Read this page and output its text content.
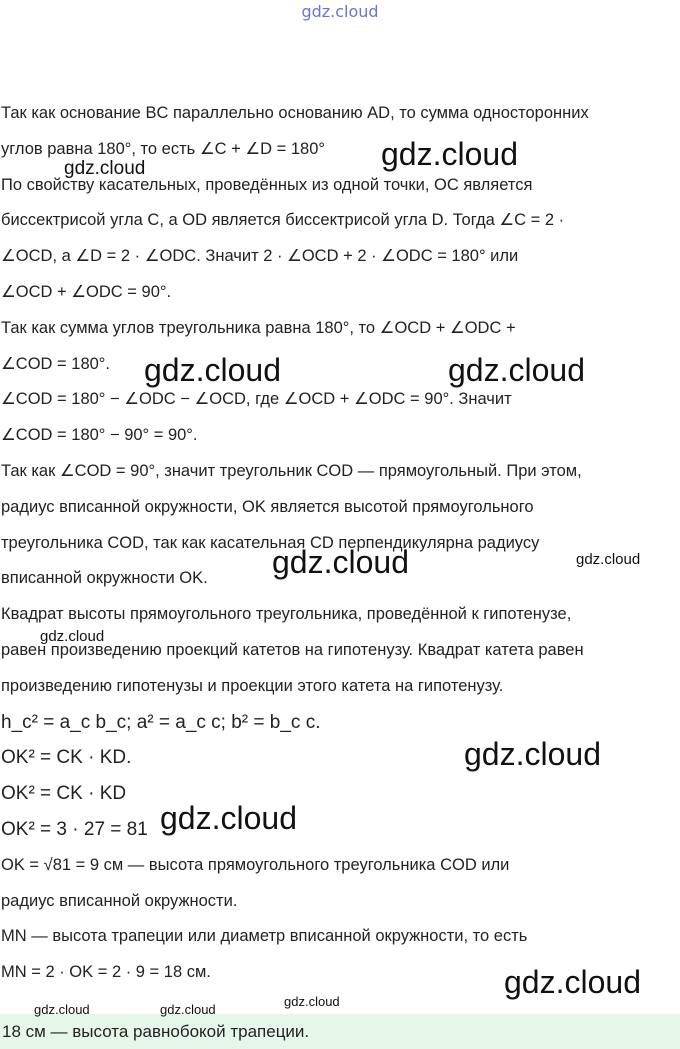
gdz.cloud
Так как основание BC параллельно основанию AD, то сумма односторонних
углов равна 180°, то есть ∠C + ∠D = 180°
По свойству касательных, проведённых из одной точки, OC является
биссектрисой угла C, а OD является биссектрисой угла D. Тогда ∠C = 2 ·
∠OCD, а ∠D = 2 · ∠ODC. Значит 2 · ∠OCD + 2 · ∠ODC = 180° или
∠OCD + ∠ODC = 90°.
Так как сумма углов треугольника равна 180°, то ∠OCD + ∠ODC +
∠COD = 180°.
∠COD = 180° − ∠ODC − ∠OCD, где ∠OCD + ∠ODC = 90°. Значит
∠COD = 180° − 90° = 90°.
Так как ∠COD = 90°, значит треугольник COD — прямоугольный. При этом,
радиус вписанной окружности, OK является высотой прямоугольного
треугольника COD, так как касательная CD перпендикулярна радиусу
вписанной окружности OK.
Квадрат высоты прямоугольного треугольника, проведённой к гипотенузе,
равен произведению проекций катетов на гипотенузу. Квадрат катета равен
произведению гипотенузы и проекции этого катета на гипотенузу.
h_c² = a_c b_c; a² = a_c c; b² = b_c c.
OK² = CK · KD.
OK² = CK · KD
OK² = 3 · 27 = 81
OK = √81 = 9 см — высота прямоугольного треугольника COD или
радиус вписанной окружности.
MN — высота трапеции или диаметр вписанной окружности, то есть
MN = 2 · OK = 2 · 9 = 18 см.
18 см — высота равнобокой трапеции.
gdz.cloud
gdz.cloud	gdz.cloud
gdz.cloud
gdz.cloud
gdz.cloud
gdz.cloud
gdz.cloud
gdz.cloud
gdz.cloud
gdz.cloud
gdz.cloud	gdz.cloud
